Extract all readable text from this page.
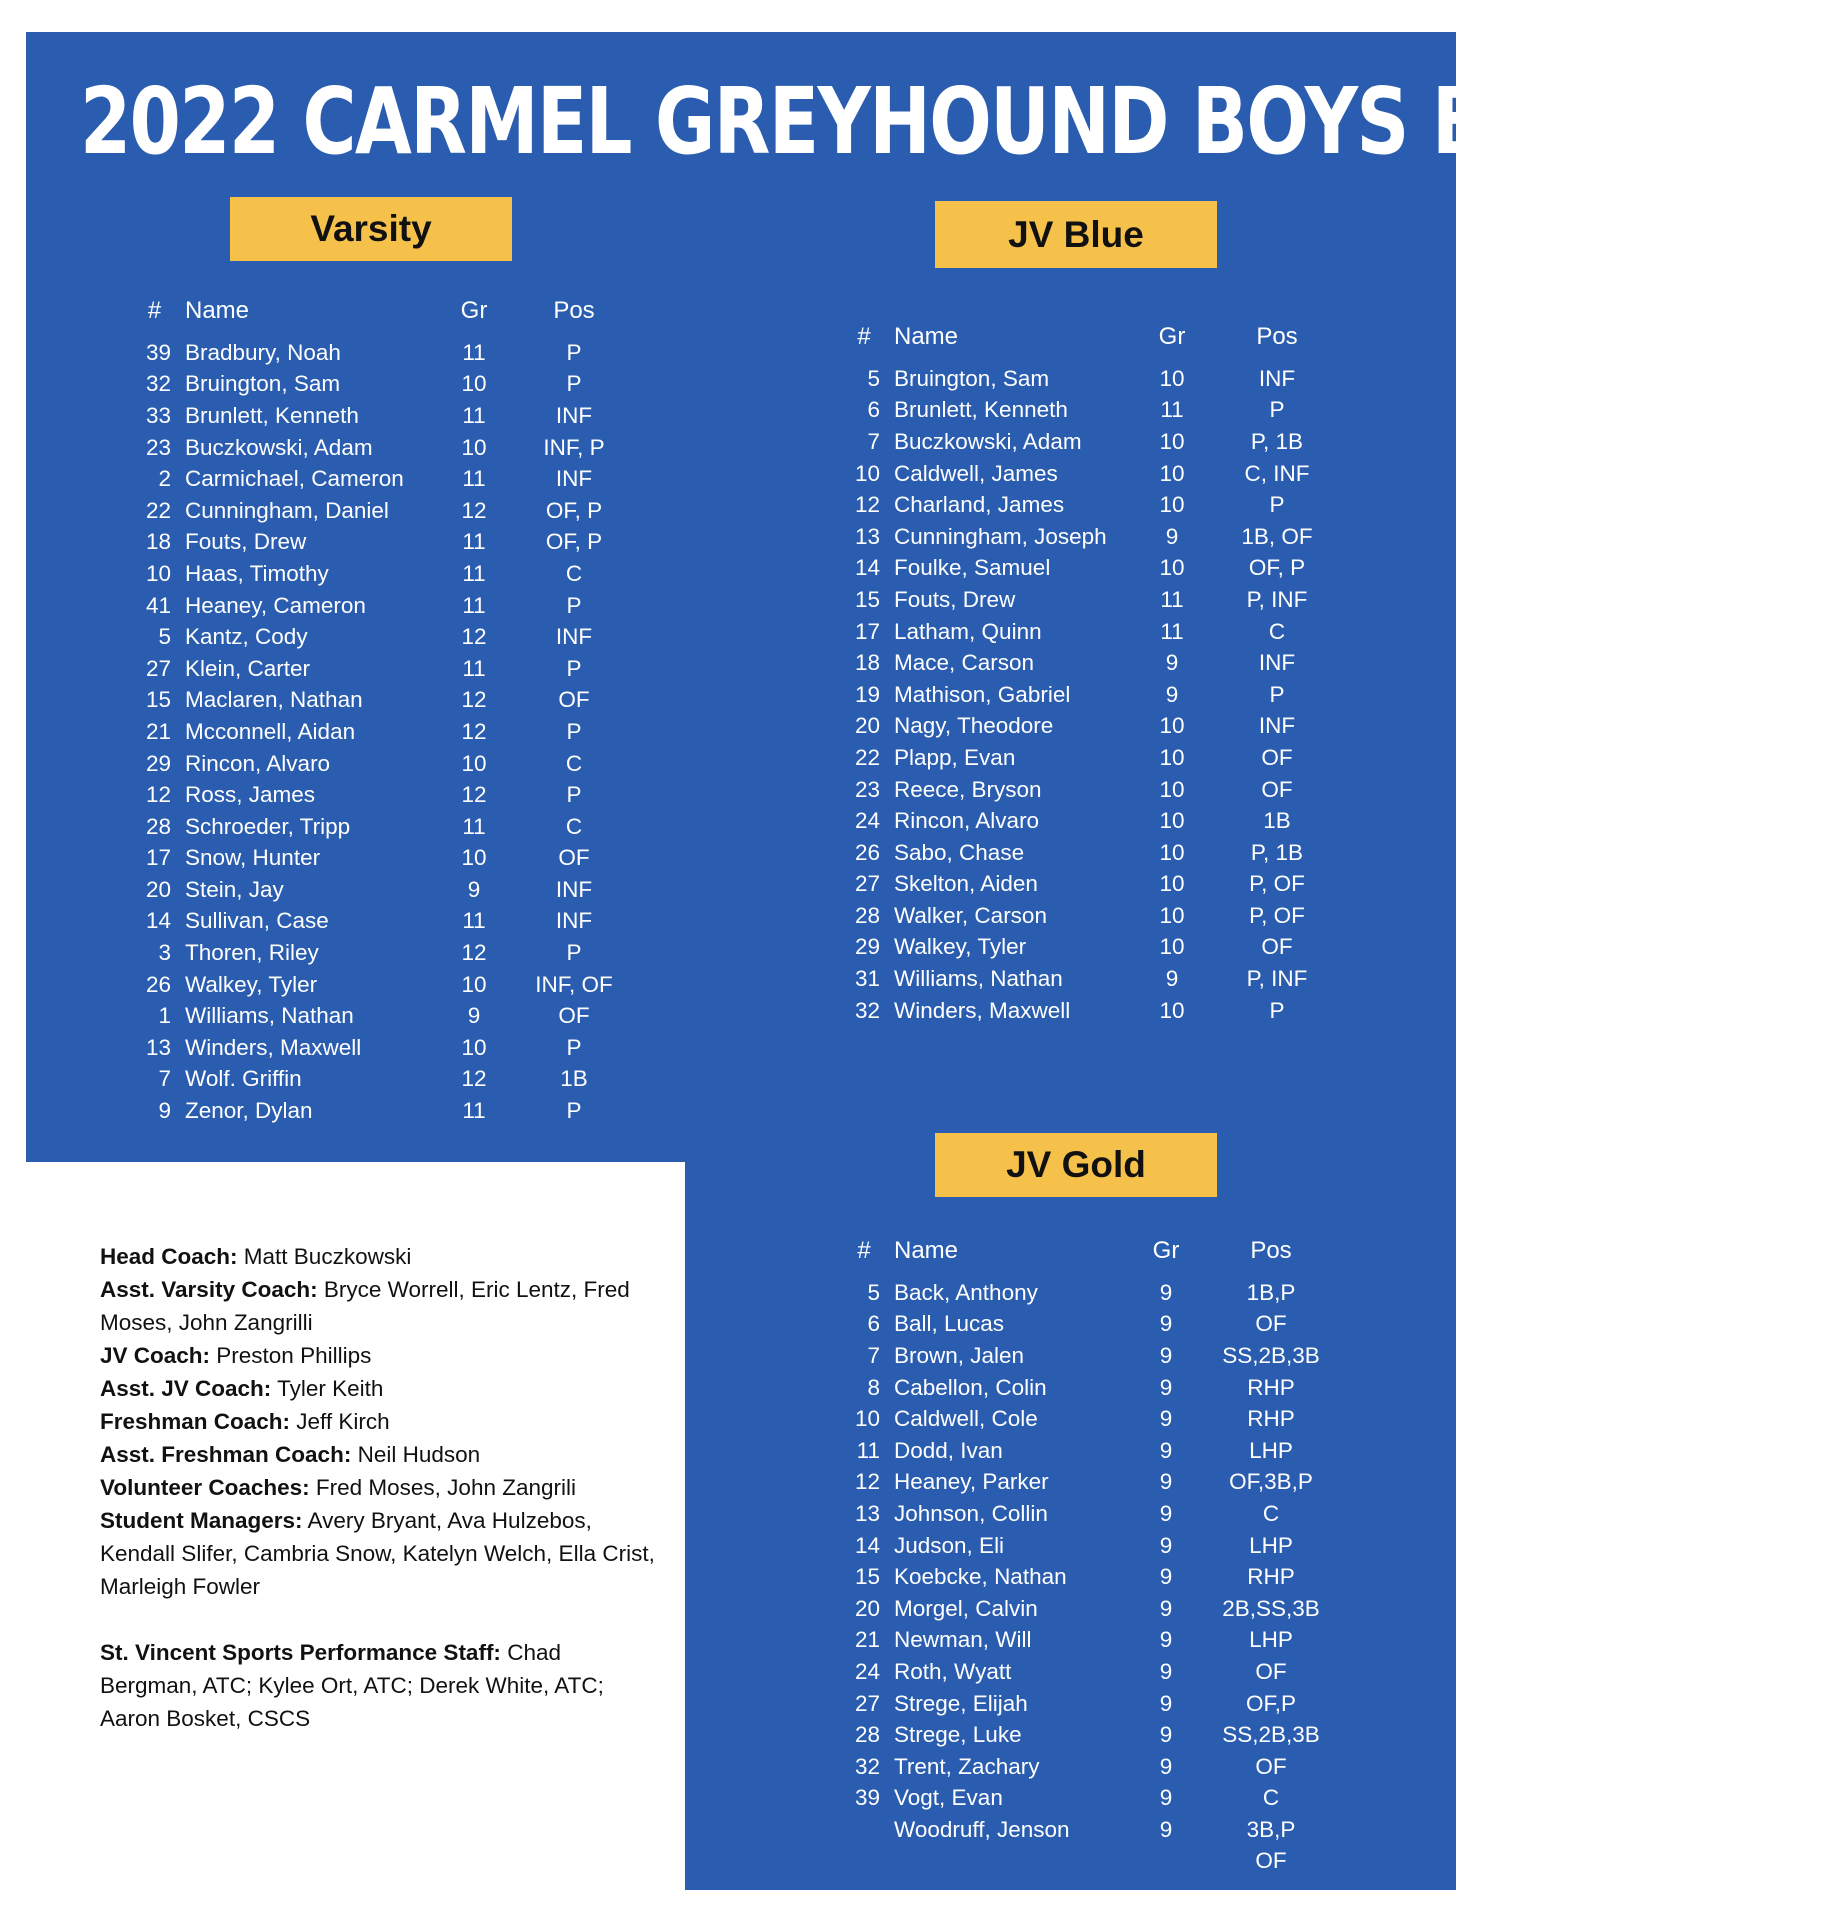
2022 CARMEL GREYHOUND BOYS BASEBALL
Varsity	JV Blue
JV Gold
# Name	Gr	Pos
39 Bradbury, Noah	11	P
32 Bruington, Sam	10	P
33 Brunlett, Kenneth	11	INF
23 Buczkowski, Adam	10	INF, P
2 Carmichael, Cameron	11	INF
22 Cunningham, Daniel	12	OF, P
18 Fouts, Drew	11	OF, P
10 Haas, Timothy	11	C
41 Heaney, Cameron	11	P
5 Kantz, Cody	12	INF
27 Klein, Carter	11	P
15 Maclaren, Nathan	12	OF
21 Mcconnell, Aidan	12	P
29 Rincon, Alvaro	10	C
12 Ross, James	12	P
28 Schroeder, Tripp	11	C
17 Snow, Hunter	10	OF
20 Stein, Jay	9	INF
14 Sullivan, Case	11	INF
3 Thoren, Riley	12	P
26 Walkey, Tyler	10	INF, OF
1 Williams, Nathan	9	OF
13 Winders, Maxwell	10	P
7 Wolf. Griffin	12	1B
9 Zenor, Dylan	11	P
# Name	Gr	Pos
5 Bruington, Sam	10	INF
6 Brunlett, Kenneth	11	P
7 Buczkowski, Adam	10	P, 1B
10 Caldwell, James	10	C, INF
12 Charland, James	10	P
13 Cunningham, Joseph	9	1B, OF
14 Foulke, Samuel	10	OF, P
15 Fouts, Drew	11	P, INF
17 Latham, Quinn	11	C
18 Mace, Carson	9	INF
19 Mathison, Gabriel	9	P
20 Nagy, Theodore	10	INF
22 Plapp, Evan	10	OF
23 Reece, Bryson	10	OF
24 Rincon, Alvaro	10	1B
26 Sabo, Chase	10	P, 1B
27 Skelton, Aiden	10	P, OF
28 Walker, Carson	10	P, OF
29 Walkey, Tyler	10	OF
31 Williams, Nathan	9	P, INF
32 Winders, Maxwell	10	P
# Name	Gr	Pos
5 Back, Anthony	9	1B,P
6 Ball, Lucas	9	OF
7 Brown, Jalen	9	SS,2B,3B
8 Cabellon, Colin	9	RHP
10 Caldwell, Cole	9	RHP
11 Dodd, Ivan	9	LHP
12 Heaney, Parker	9	OF,3B,P
13 Johnson, Collin	9	C
14 Judson, Eli	9	LHP
15 Koebcke, Nathan	9	RHP
20 Morgel, Calvin	9	2B,SS,3B
21 Newman, Will	9	LHP
24 Roth, Wyatt	9	OF
27 Strege, Elijah	9	OF,P
28 Strege, Luke	9	SS,2B,3B
32 Trent, Zachary	9	OF
39 Vogt, Evan	9	C
Woodruff, Jenson	9	3B,P
OF

Head Coach: Matt Buczkowski

Asst. Varsity Coach: Bryce Worrell, Eric Lentz, Fred Moses, John Zangrilli

JV Coach: Preston Phillips

Asst. JV Coach: Tyler Keith

Freshman Coach: Jeff Kirch

Asst. Freshman Coach: Neil Hudson

Volunteer Coaches: Fred Moses, John Zangrili

Student Managers: Avery Bryant, Ava Hulzebos, Kendall Slifer, Cambria Snow, Katelyn Welch, Ella Crist, Marleigh Fowler

St. Vincent Sports Performance Staff: Chad Bergman, ATC; Kylee Ort, ATC; Derek White, ATC; Aaron Bosket, CSCS
